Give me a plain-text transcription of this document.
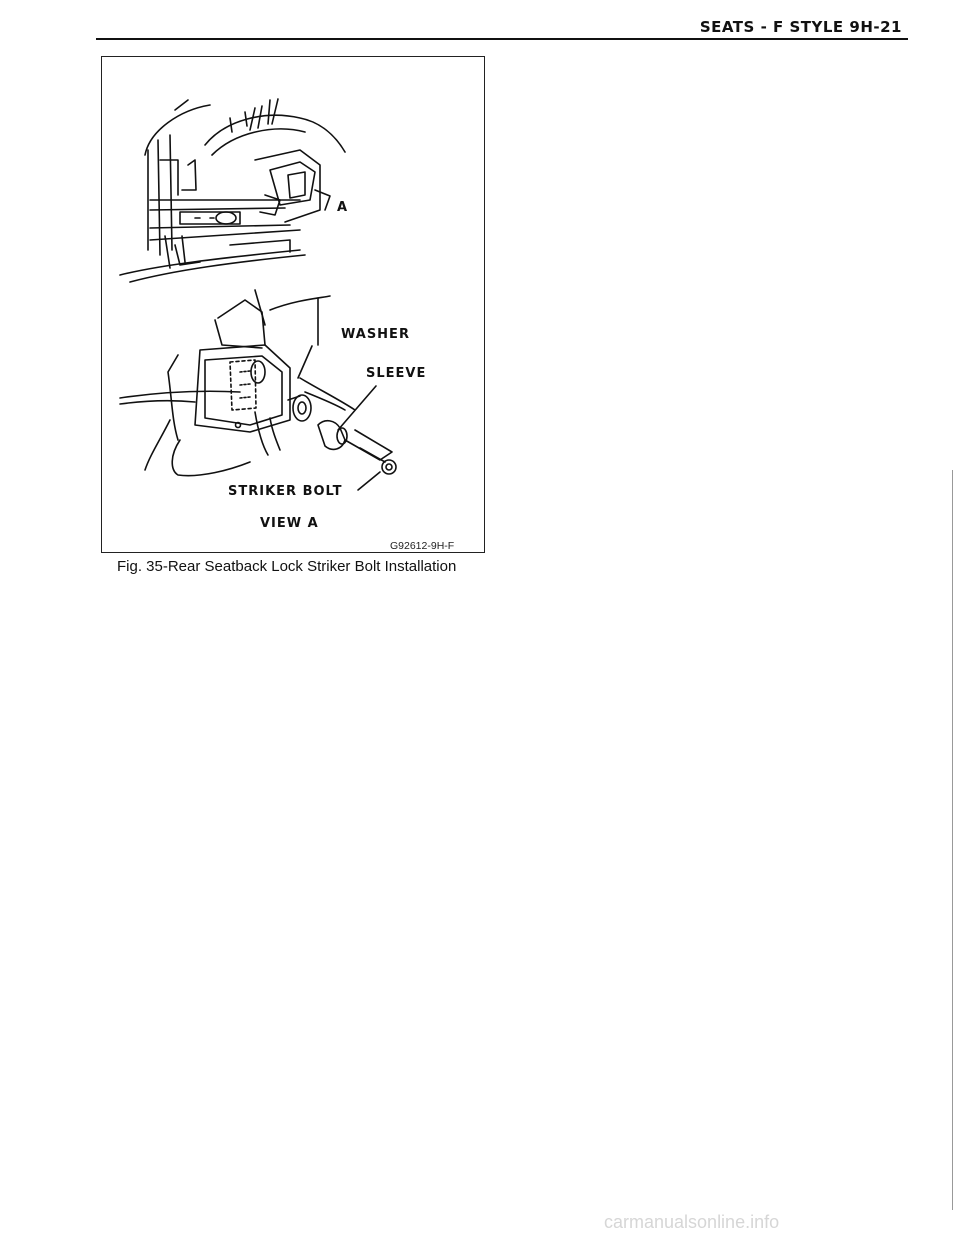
SEATS - F STYLE 9H-21
A
WASHER
SLEEVE
STRIKER BOLT
VIEW A
G92612-9H-F
Fig. 35-Rear Seatback Lock Striker Bolt Installation
carmanualsonline.info
